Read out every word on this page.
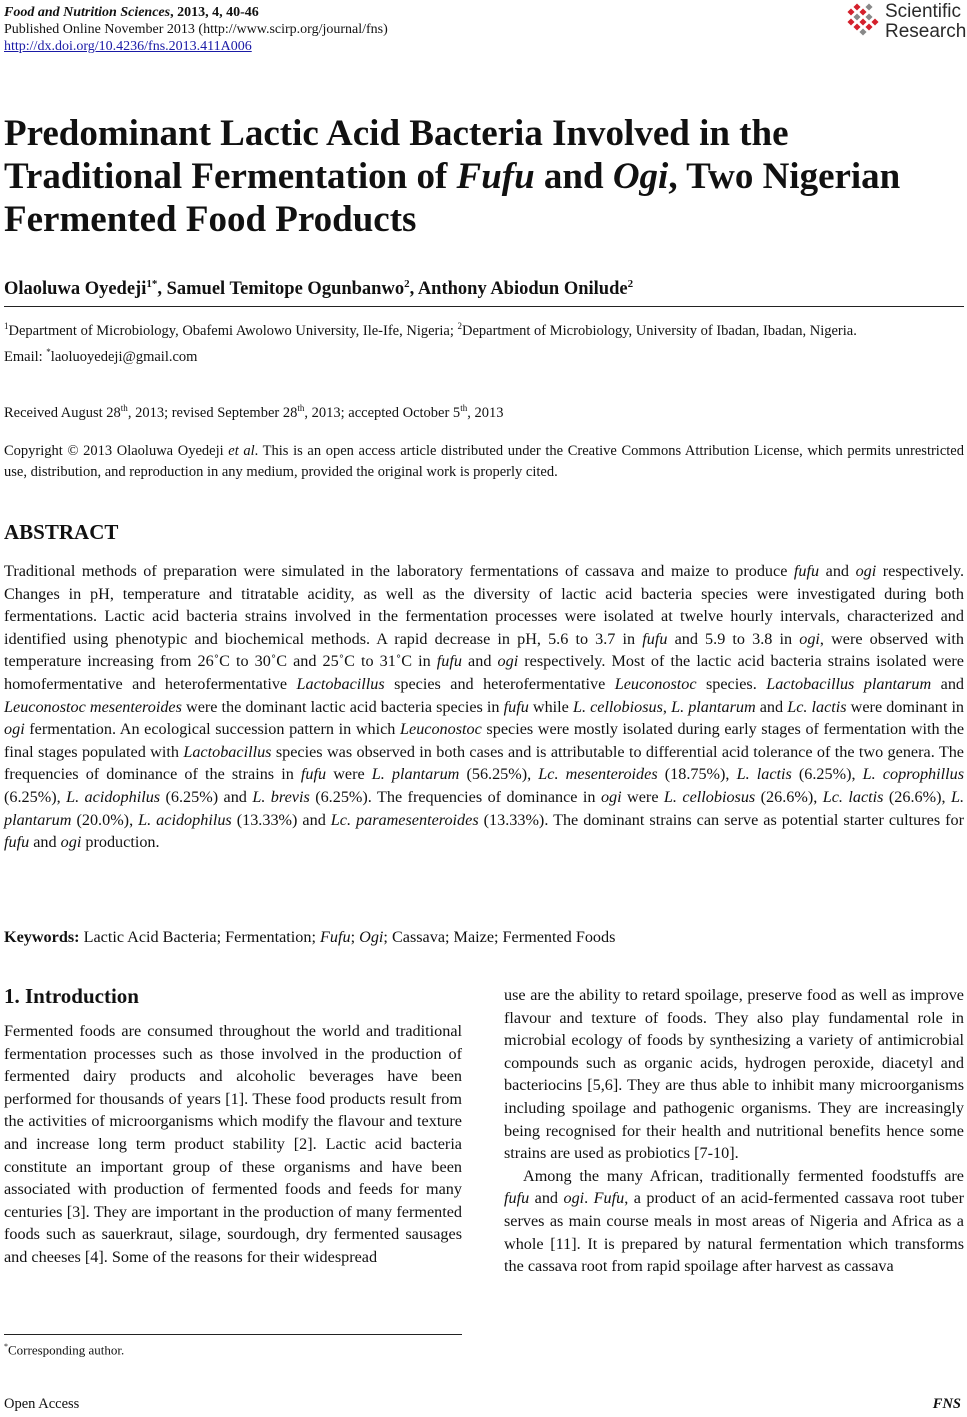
Food and Nutrition Sciences, 2013, 4, 40-46
Published Online November 2013 (http://www.scirp.org/journal/fns)
http://dx.doi.org/10.4236/fns.2013.411A006
Scientific
Research
Predominant Lactic Acid Bacteria Involved in the Traditional Fermentation of Fufu and Ogi, Two Nigerian Fermented Food Products
Olaoluwa Oyedeji$^{1*}$, Samuel Temitope Ogunbanwo$^2$, Anthony Abiodun Onilude$^2$
$^1$Department of Microbiology, Obafemi Awolowo University, Ile-Ife, Nigeria; $^2$Department of Microbiology, University of Ibadan, Ibadan, Nigeria.
Email: *laoluoyedeji@gmail.com
Received August 28th, 2013; revised September 28th, 2013; accepted October 5th, 2013
Copyright © 2013 Olaoluwa Oyedeji et al. This is an open access article distributed under the Creative Commons Attribution License, which permits unrestricted use, distribution, and reproduction in any medium, provided the original work is properly cited.
ABSTRACT
Traditional methods of preparation were simulated in the laboratory fermentations of cassava and maize to produce fufu and ogi respectively. Changes in pH, temperature and titratable acidity, as well as the diversity of lactic acid bacteria species were investigated during both fermentations. Lactic acid bacteria strains involved in the fermentation processes were isolated at twelve hourly intervals, characterized and identified using phenotypic and biochemical methods. A rapid decrease in pH, 5.6 to 3.7 in fufu and 5.9 to 3.8 in ogi, were observed with temperature increasing from 26˚C to 30˚C and 25˚C to 31˚C in fufu and ogi respectively. Most of the lactic acid bacteria strains isolated were homofermentative and heterofermentative Lactobacillus species and heterofermentative Leuconostoc species. Lactobacillus plantarum and Leuconostoc mesenteroides were the dominant lactic acid bacteria species in fufu while L. cellobiosus, L. plantarum and Lc. lactis were dominant in ogi fermentation. An ecological succession pattern in which Leuconostoc species were mostly isolated during early stages of fermentation with the final stages populated with Lactobacillus species was observed in both cases and is attributable to differential acid tolerance of the two genera. The frequencies of dominance of the strains in fufu were L. plantarum (56.25%), Lc. mesenteroides (18.75%), L. lactis (6.25%), L. coprophillus (6.25%), L. acidophilus (6.25%) and L. brevis (6.25%). The frequencies of dominance in ogi were L. cellobiosus (26.6%), Lc. lactis (26.6%), L. plantarum (20.0%), L. acidophilus (13.33%) and Lc. paramesenteroides (13.33%). The dominant strains can serve as potential starter cultures for fufu and ogi production.
Keywords: Lactic Acid Bacteria; Fermentation; Fufu; Ogi; Cassava; Maize; Fermented Foods
1. Introduction

Fermented foods are consumed throughout the world and traditional fermentation processes such as those involved in the production of fermented dairy products and alcoholic beverages have been performed for thousands of years [1]. These food products result from the activities of microorganisms which modify the flavour and texture and increase long term product stability [2]. Lactic acid bacteria constitute an important group of these organisms and have been associated with production of fermented foods and feeds for many centuries [3]. They are important in the production of many fermented foods such as sauerkraut, silage, sourdough, dry fermented sausages and cheeses [4]. Some of the reasons for their widespread

use are the ability to retard spoilage, preserve food as well as improve flavour and texture of foods. They also play fundamental role in microbial ecology of foods by synthesizing a variety of antimicrobial compounds such as organic acids, hydrogen peroxide, diacetyl and bacteriocins [5,6]. They are thus able to inhibit many microorganisms including spoilage and pathogenic organisms. They are increasingly being recognised for their health and nutritional benefits hence some strains are used as probiotics [7-10].

Among the many African, traditionally fermented foodstuffs are fufu and ogi. Fufu, a product of an acid-fermented cassava root tuber serves as main course meals in most areas of Nigeria and Africa as a whole [11]. It is prepared by natural fermentation which transforms the cassava root from rapid spoilage after harvest as cassava

*Corresponding author.
Open Access	FNS
